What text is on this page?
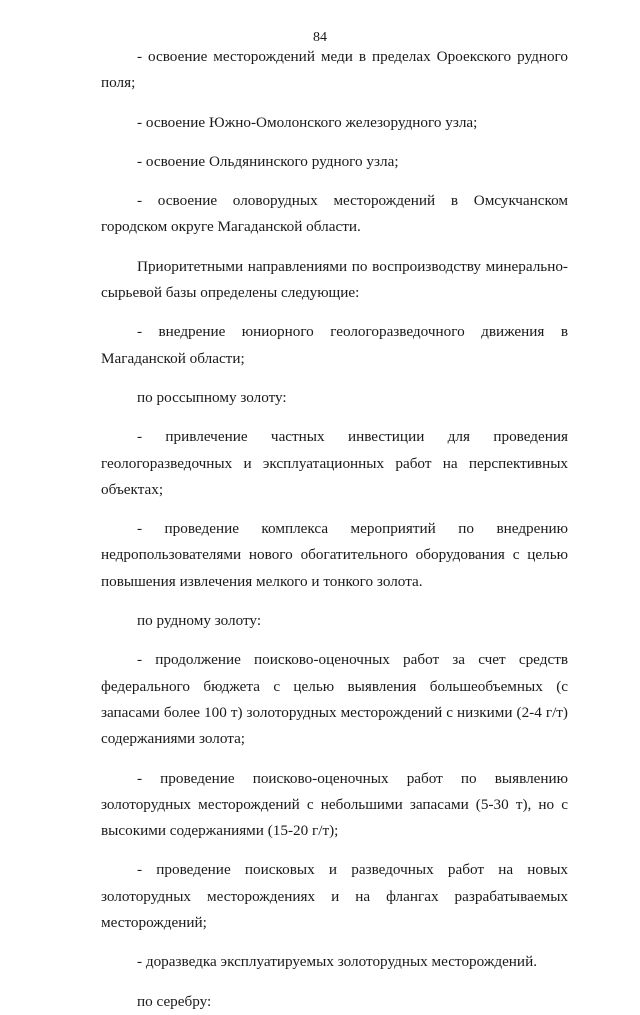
84

- освоение месторождений меди в пределах Ороекского рудного поля;

- освоение Южно-Омолонского железорудного узла;

- освоение Ольдянинского рудного узла;

- освоение оловорудных месторождений в Омсукчанском городском округе Магаданской области.

Приоритетными направлениями по воспроизводству минерально-сырьевой базы определены следующие:

- внедрение юниорного геологоразведочного движения в Магаданской области;

по россыпному золоту:

- привлечение частных инвестиции для проведения геологоразведочных и эксплуатационных работ на перспективных объектах;

- проведение комплекса мероприятий по внедрению недропользователями нового обогатительного оборудования с целью повышения извлечения мелкого и тонкого золота.

по рудному золоту:

- продолжение поисково-оценочных работ за счет средств федерального бюджета с целью выявления большеобъемных (с запасами более 100 т) золоторудных месторождений с низкими (2-4 г/т) содержаниями золота;

- проведение поисково-оценочных работ по выявлению золоторудных месторождений с небольшими запасами (5-30 т), но с высокими содержаниями (15-20 г/т);

- проведение поисковых и разведочных работ на новых золоторудных месторождениях и на флангах разрабатываемых месторождений;

- доразведка эксплуатируемых золоторудных месторождений.

по серебру:
